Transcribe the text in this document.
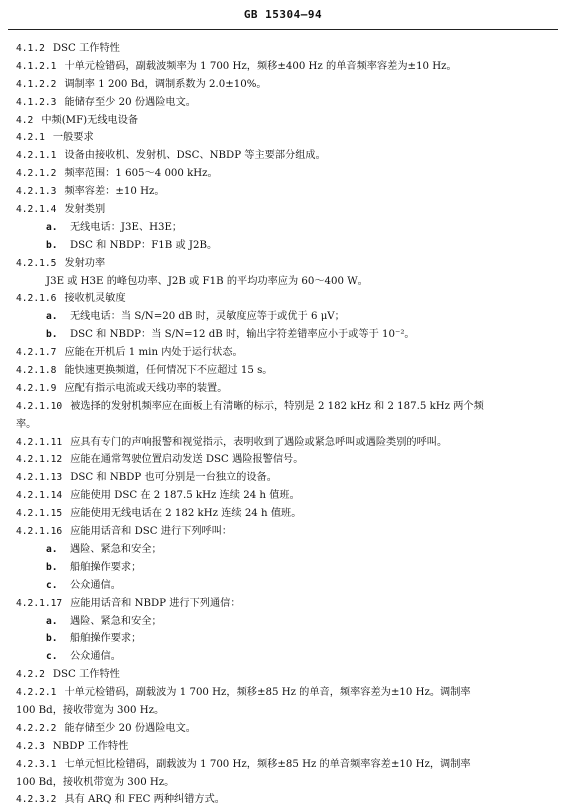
GB 15304—94
4.1.2 DSC 工作特性
4.1.2.1 十单元检错码，副载波频率为 1 700 Hz，频移±400 Hz 的单音频率容差为±10 Hz。
4.1.2.2 调制率 1 200 Bd，调制系数为 2.0±10%。
4.1.2.3 能储存至少 20 份遇险电文。
4.2 中频(MF)无线电设备
4.2.1 一般要求
4.2.1.1 设备由接收机、发射机、DSC、NBDP 等主要部分组成。
4.2.1.2 频率范围：1 605～4 000 kHz。
4.2.1.3 频率容差：±10 Hz。
4.2.1.4 发射类别
a. 无线电话：J3E、H3E；
b. DSC 和 NBDP：F1B 或 J2B。
4.2.1.5 发射功率
J3E 或 H3E 的峰包功率、J2B 或 F1B 的平均功率应为 60～400 W。
4.2.1.6 接收机灵敏度
a. 无线电话：当 S/N=20 dB 时，灵敏度应等于或优于 6 μV；
b. DSC 和 NBDP：当 S/N=12 dB 时，输出字符差错率应小于或等于 10⁻²。
4.2.1.7 应能在开机后 1 min 内处于运行状态。
4.2.1.8 能快速更换频道，任何情况下不应超过 15 s。
4.2.1.9 应配有指示电流或天线功率的装置。
4.2.1.10 被选择的发射机频率应在面板上有清晰的标示，特别是 2 182 kHz 和 2 187.5 kHz 两个频
率。
4.2.1.11 应具有专门的声响报警和视觉指示，表明收到了遇险或紧急呼叫或遇险类别的呼叫。
4.2.1.12 应能在通常驾驶位置启动发送 DSC 遇险报警信号。
4.2.1.13 DSC 和 NBDP 也可分别是一台独立的设备。
4.2.1.14 应能使用 DSC 在 2 187.5 kHz 连续 24 h 值班。
4.2.1.15 应能使用无线电话在 2 182 kHz 连续 24 h 值班。
4.2.1.16 应能用话音和 DSC 进行下列呼叫：
a. 遇险、紧急和安全；
b. 船舶操作要求；
c. 公众通信。
4.2.1.17 应能用话音和 NBDP 进行下列通信：
a. 遇险、紧急和安全；
b. 船舶操作要求；
c. 公众通信。
4.2.2 DSC 工作特性
4.2.2.1 十单元检错码，副载波为 1 700 Hz，频移±85 Hz 的单音，频率容差为±10 Hz。调制率
100 Bd，接收带宽为 300 Hz。
4.2.2.2 能存储至少 20 份遇险电文。
4.2.3 NBDP 工作特性
4.2.3.1 七单元恒比检错码，副载波为 1 700 Hz，频移±85 Hz 的单音频率容差±10 Hz，调制率
100 Bd，接收机带宽为 300 Hz。
4.2.3.2 具有 ARQ 和 FEC 两种纠错方式。
